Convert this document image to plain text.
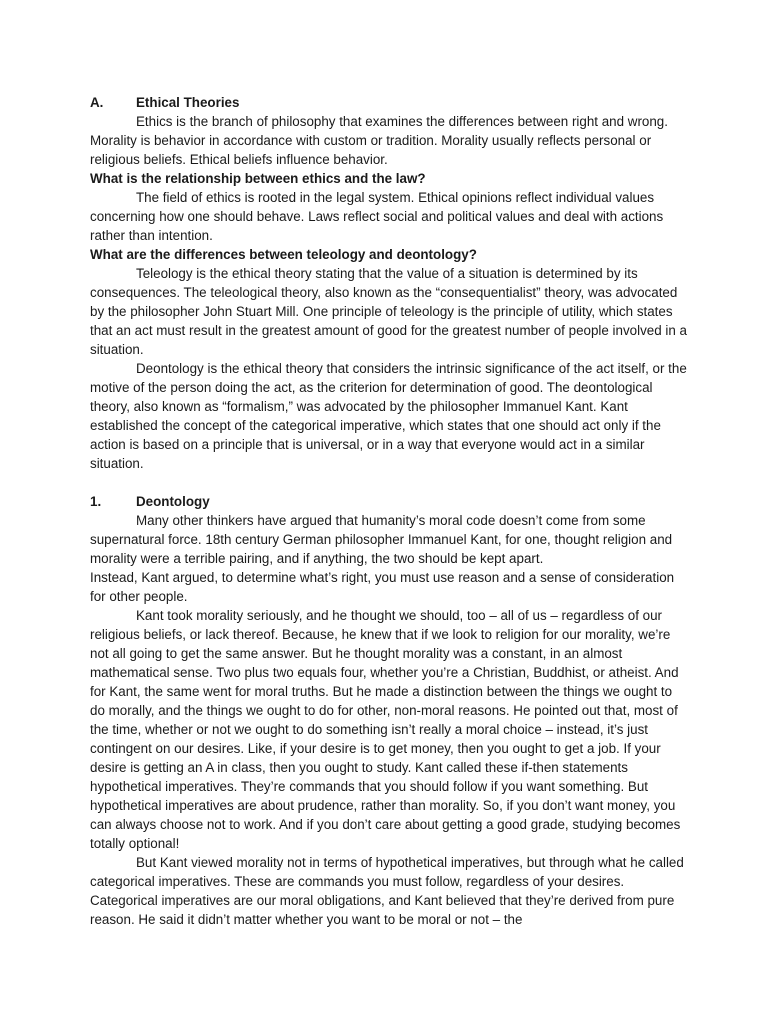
A.	Ethical Theories

Ethics is the branch of philosophy that examines the differences between right and wrong. Morality is behavior in accordance with custom or tradition. Morality usually reflects personal or religious beliefs. Ethical beliefs influence behavior.

What is the relationship between ethics and the law?

The field of ethics is rooted in the legal system. Ethical opinions reflect individual values concerning how one should behave. Laws reflect social and political values and deal with actions rather than intention.

What are the differences between teleology and deontology?

Teleology is the ethical theory stating that the value of a situation is determined by its consequences. The teleological theory, also known as the “consequentialist” theory, was advocated by the philosopher John Stuart Mill. One principle of teleology is the principle of utility, which states that an act must result in the greatest amount of good for the greatest number of people involved in a situation.

Deontology is the ethical theory that considers the intrinsic significance of the act itself, or the motive of the person doing the act, as the criterion for determination of good. The deontological theory, also known as “formalism,” was advocated by the philosopher Immanuel Kant. Kant established the concept of the categorical imperative, which states that one should act only if the action is based on a principle that is universal, or in a way that everyone would act in a similar situation.

1.	Deontology

Many other thinkers have argued that humanity’s moral code doesn’t come from some supernatural force. 18th century German philosopher Immanuel Kant, for one, thought religion and morality were a terrible pairing, and if anything, the two should be kept apart.

Instead, Kant argued, to determine what’s right, you must use reason and a sense of consideration for other people.

Kant took morality seriously, and he thought we should, too – all of us – regardless of our religious beliefs, or lack thereof. Because, he knew that if we look to religion for our morality, we’re not all going to get the same answer. But he thought morality was a constant, in an almost mathematical sense. Two plus two equals four, whether you’re a Christian, Buddhist, or atheist. And for Kant, the same went for moral truths. But he made a distinction between the things we ought to do morally, and the things we ought to do for other, non-moral reasons. He pointed out that, most of the time, whether or not we ought to do something isn’t really a moral choice – instead, it’s just contingent on our desires. Like, if your desire is to get money, then you ought to get a job. If your desire is getting an A in class, then you ought to study. Kant called these if-then statements hypothetical imperatives. They’re commands that you should follow if you want something. But hypothetical imperatives are about prudence, rather than morality. So, if you don’t want money, you can always choose not to work. And if you don’t care about getting a good grade, studying becomes totally optional!

But Kant viewed morality not in terms of hypothetical imperatives, but through what he called categorical imperatives. These are commands you must follow, regardless of your desires. Categorical imperatives are our moral obligations, and Kant believed that they’re derived from pure reason. He said it didn’t matter whether you want to be moral or not – the
